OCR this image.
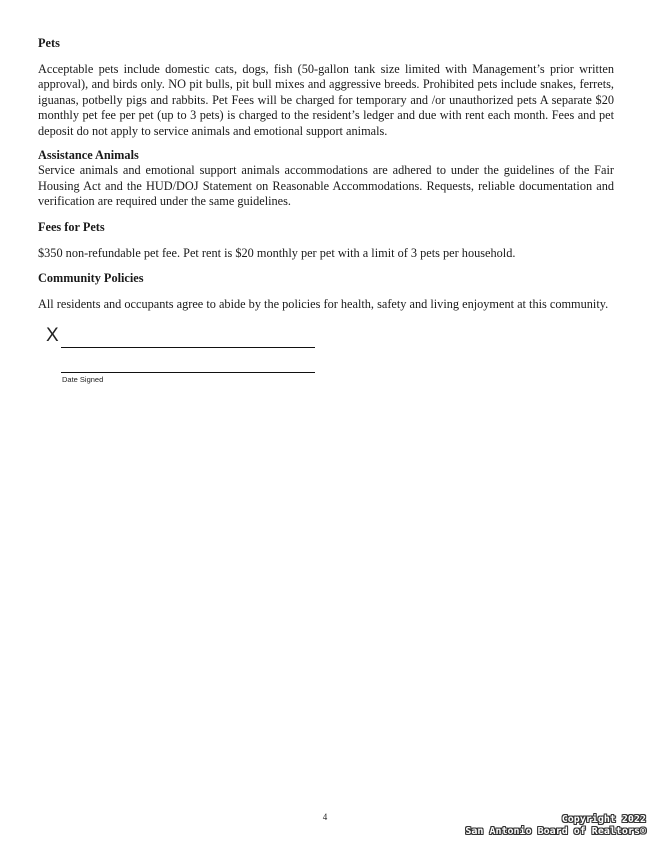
Pets

Acceptable pets include domestic cats, dogs, fish (50-gallon tank size limited with Management’s prior written approval), and birds only. NO pit bulls, pit bull mixes and aggressive breeds. Prohibited pets include snakes, ferrets, iguanas, potbelly pigs and rabbits. Pet Fees will be charged for temporary and /or unauthorized pets A separate $20 monthly pet fee per pet (up to 3 pets) is charged to the resident’s ledger and due with rent each month. Fees and pet deposit do not apply to service animals and emotional support animals.

Assistance Animals

Service animals and emotional support animals accommodations are adhered to under the guidelines of the Fair Housing Act and the HUD/DOJ Statement on Reasonable Accommodations. Requests, reliable documentation and verification are required under the same guidelines.

Fees for Pets

$350 non-refundable pet fee. Pet rent is $20 monthly per pet with a limit of 3 pets per household.

Community Policies

All residents and occupants agree to abide by the policies for health, safety and living enjoyment at this community.

X
Date Signed
4	Copyright 2022
San Antonio Board of Realtors®
